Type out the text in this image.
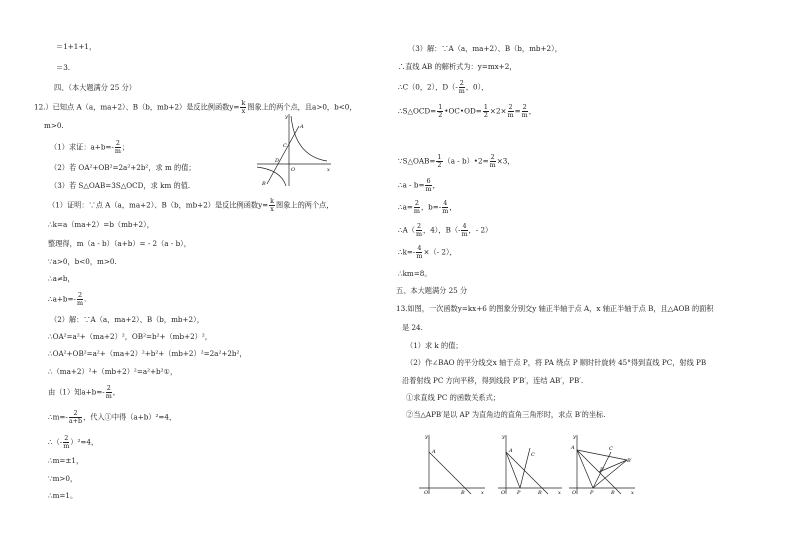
＝1+1+1，
＝3.
四、（本大题满分 25 分）
12.）已知点 A（a，ma+2）、B（b，mb+2）是反比例函数$y= \frac{k}{x}$ 图象上的两个点，且a>0，b<0，
m>0.
（1）求证：$a+b=- \frac{2}{m}$ ；
（2）若 OA²+OB²=2a²+2b²，求 m 的值；
（3）若 S△OAB=3S△OCD，求 km 的值.
（1）证明：∵点 A（a，ma+2）、B（b，mb+2）是反比例函数$y= \frac{k}{x}$ 图象上的两个点，
∴k=a（ma+2）=b（mb+2），
整理得，m（a - b）（a+b）= - 2（a - b），
∵a>0，b<0，m>0.
∴a≠b，
∴a+b=- $\frac{2}{m}$ .
（2）解：∵A（a，ma+2）、B（b，mb+2），
∴OA²=a²+（ma+2）²，OB²=b²+（mb+2）²，
∴OA²+OB²=a²+（ma+2）²+b²+（mb+2）²=2a²+2b²，
∴（ma+2）²+（mb+2）²=a²+b²①，
由（1）知$a+b=- \frac{2}{m}$ ，
∴m=- $\frac{2}{a+b}$ ，代入①中得（a+b）²=4，
∴（- $\frac{2}{m} )^2=4$，
∴m=±1，
∵m>0，
∴m=1。
y
x
A
C
D
B
O
（3）解：∵A（a，ma+2）、B（b，mb+2），
∴直线 AB 的解析式为：y=mx+2，
∴C（0，2），$D(- \frac{2}{m}$ ，0），
∴S△OCD= $\frac{1}{2}$ •OC•OD= $\frac{1}{2} \times 2\times \frac{2}{m} = \frac{2}{m}$ ，
∵S△OAB= $\frac{1}{2} (a$ - b）•2= $\frac{2}{m} \times 3$，
∴a - $b= \frac{6}{m}$ ，
∴a= $\frac{2}{m}$ ，$b=- \frac{4}{m}$ ，
∴A（ $\frac{2}{m}$ ，4），$B(- \frac{4}{m}$ ，- 2）
∴k=- $\frac{4}{m}$ ×（- 2），
∴km=8。
五、本大题满分 25 分
13.如图，一次函数y=kx+6 的图象分别交y 轴正半轴于点 A，x 轴正半轴于点 B，且△AOB 的面积
是 24.
（1）求 k 的值；
（2）作∠BAO 的平分线交x 轴于点 P，将 PA 绕点 P 顺时针旋转 45°得到直线 PC，射线 PB
沿着射线 PC 方向平移，得到线段 P′B′，连结 AB′，PB′.
①求直线 PC 的函数关系式；
②当△APB′是以 AP 为直角边的直角三角形时，求点 B′的坐标.
y
A
O	B	x
y
A
C
O P	B	x
y
A	C
B′
P′
O	P	B	x
